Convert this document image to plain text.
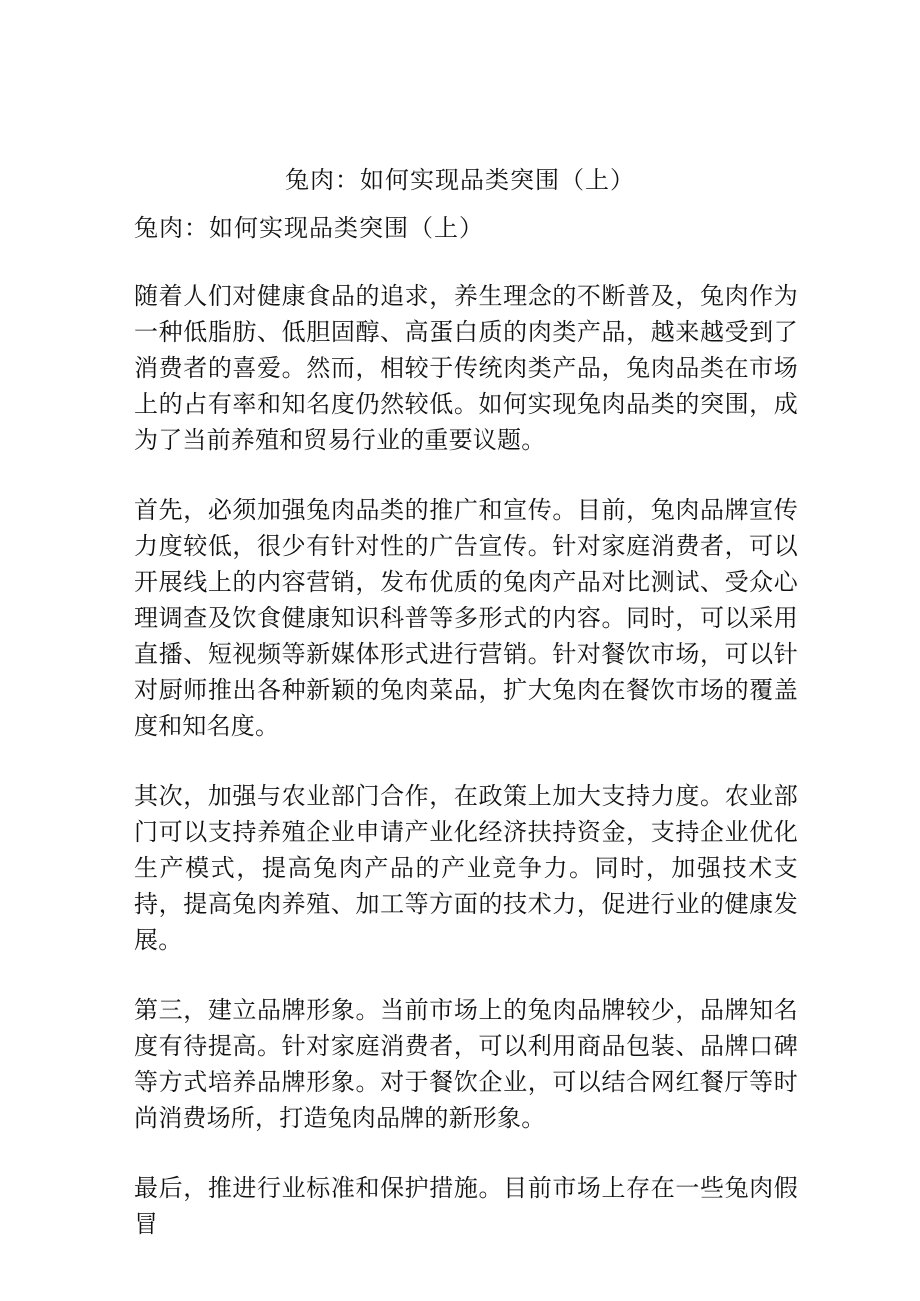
兔肉：如何实现品类突围（上）
兔肉：如何实现品类突围（上）

随着人们对健康食品的追求，养生理念的不断普及，兔肉作为一种低脂肪、低胆固醇、高蛋白质的肉类产品，越来越受到了消费者的喜爱。然而，相较于传统肉类产品，兔肉品类在市场上的占有率和知名度仍然较低。如何实现兔肉品类的突围，成为了当前养殖和贸易行业的重要议题。

首先，必须加强兔肉品类的推广和宣传。目前，兔肉品牌宣传力度较低，很少有针对性的广告宣传。针对家庭消费者，可以开展线上的内容营销，发布优质的兔肉产品对比测试、受众心理调查及饮食健康知识科普等多形式的内容。同时，可以采用直播、短视频等新媒体形式进行营销。针对餐饮市场，可以针对厨师推出各种新颖的兔肉菜品，扩大兔肉在餐饮市场的覆盖度和知名度。

其次，加强与农业部门合作，在政策上加大支持力度。农业部门可以支持养殖企业申请产业化经济扶持资金，支持企业优化生产模式，提高兔肉产品的产业竞争力。同时，加强技术支持，提高兔肉养殖、加工等方面的技术力，促进行业的健康发展。

第三，建立品牌形象。当前市场上的兔肉品牌较少，品牌知名度有待提高。针对家庭消费者，可以利用商品包装、品牌口碑等方式培养品牌形象。对于餐饮企业，可以结合网红餐厅等时尚消费场所，打造兔肉品牌的新形象。

最后，推进行业标准和保护措施。目前市场上存在一些兔肉假冒
